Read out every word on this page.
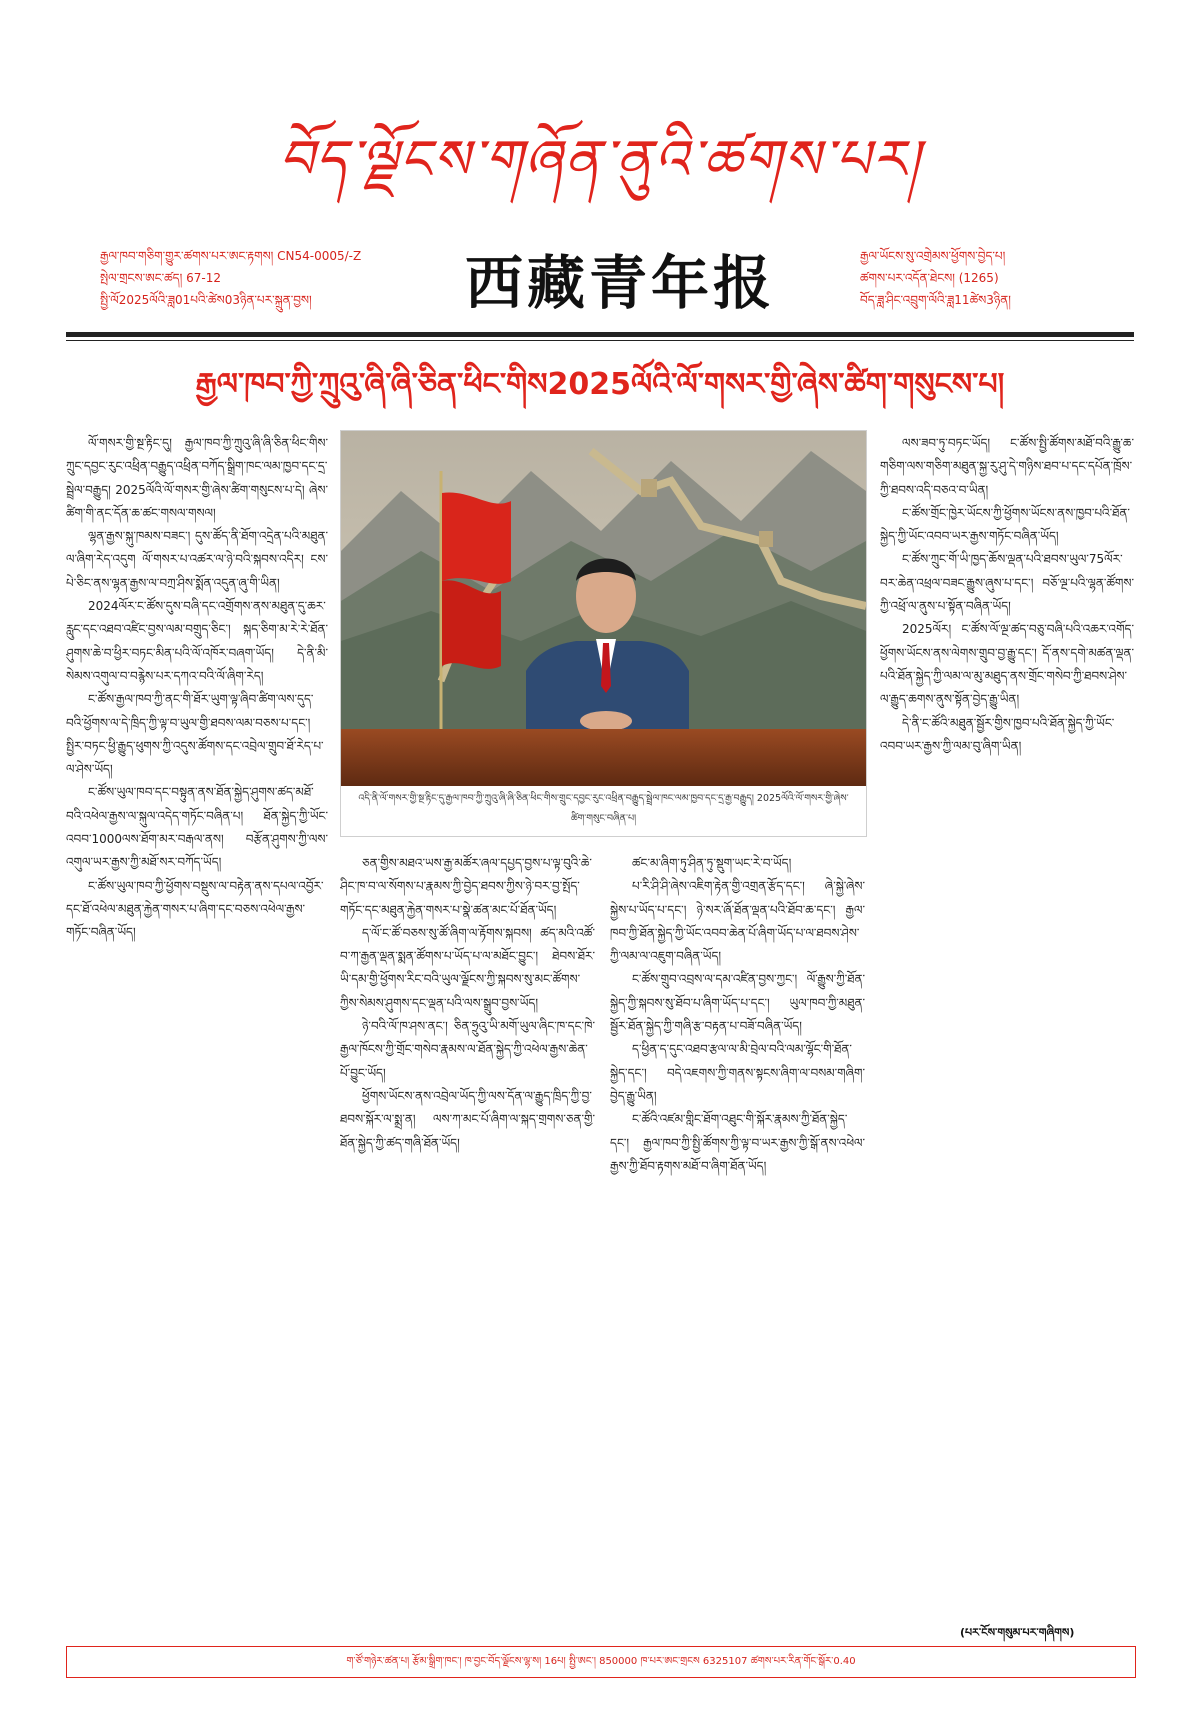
བོད་ལྗོངས་གཞོན་ནུའི་ཚགས་པར།
རྒྱལ་ཁབ་གཅིག་གྱུར་ཚགས་པར་ཨང་རྟགས། CN54-0005/-Z
སྤེལ་གྲངས་ཨང་ཚད། 67-12
སྤྱི་ལོ2025ལོའི་ཟླ01པའི་ཚེས03ཉིན་པར་སྐྲུན་བྱས།	西藏青年报	རྒྱལ་ཡོངས་སུ་འགྲེམས་ཕྱོགས་བྱེད་པ།
ཚགས་པར་འདོན་ཐེངས། (1265)
བོད་ཟླ་ཤིང་འབྲུག་ལོའི་ཟླ11ཚེས3ཉིན།
རྒྱལ་ཁབ་ཀྱི་ཀྲུའུ་ཞི་ཞི་ཅིན་ཕིང་གིས2025ལོའི་ལོ་གསར་གྱི་ཞེས་ཚིག་གསུངས་པ།

ལོ་གསར་གྱི་སྔ་རྟིང་དུ། རྒྱལ་ཁབ་ཀྱི་ཀྲུའུ་ཞི་ཞི་ཅིན་ཕིང་གིས་ཀྲུང་དབྱང་རུང་འཕྲིན་བརྒྱུད་འཕྲིན་བཀོད་སྒྲིག་ཁང་ལམ་ཁྱབ་དང་དྲ་སྦྲེལ་བརྒྱུད། 2025ལོའི་ལོ་གསར་གྱི་ཞེས་ཚིག་གསུངས་པ་དེ། ཞེས་ཚིག་གི་ནང་དོན་ཆ་ཚང་གསལ་གསལ།

ལྷན་རྒྱས་སྐུ་ཁམས་བཟང་། དུས་ཚོད་ནི་ཐོག་འདྲེན་པའི་མཐུན་ལ་ཞིག་རེད་འདུག ལོ་གསར་པ་འཚར་ལ་ཉེ་བའི་སྐབས་འདིར། ངས་པེ་ཅིང་ནས་ལྷན་རྒྱས་ལ་བཀྲ་ཤིས་སྨོན་འདུན་ཞུ་གི་ཡིན།

2024ལོར་ང་ཚོས་དུས་བཞི་དང་འགྲོགས་ནས་མཐུན་དུ་ཆར་རླུང་དང་འཐབ་འཛིང་བྱས་ལམ་བགྲུད་ཅིང་། སྐད་ཅིག་མ་རེ་རེ་ཐོན་ཤུགས་ཆེ་བ་ཕྱིར་བཏང་མིན་པའི་ལོ་འཁོར་བཞག་ཡོད། དེ་ནི་མི་སེམས་འགུལ་བ་བརྙེས་པར་དཀའ་བའི་ལོ་ཞིག་རེད།

ང་ཚོས་རྒྱལ་ཁབ་ཀྱི་ནང་གི་ཐོར་ཡུག་ལྟ་ཞིབ་ཚིག་ལས་དུད་བའི་ཕྱོགས་ལ་དེ་ཁྲིད་ཀྱི་ལྟ་བ་ཡུལ་གྱི་ཐབས་ལམ་བཅས་པ་དང་། སྤྱིར་བཏང་ཕྱི་རྒྱུད་ཕུགས་ཀྱི་འདུས་ཚོགས་དང་འབྲེལ་གྲུབ་ཐོ་རེད་པ་ལ་ཤེས་ཡོད།

ང་ཚོས་ཡུལ་ཁབ་དང་བསྟུན་ནས་ཐོན་སྐྱེད་ཤུགས་ཚད་མཐོ་བའི་འཕེལ་རྒྱས་ལ་སྐུལ་འདེད་གཏོང་བཞིན་པ། ཐོན་སྐྱེད་ཀྱི་ཡོང་འབབ་1000ལས་ཐོག་མར་བརྒལ་ནས། བརྩོན་ཤུགས་ཀྱི་ལས་འགུལ་ཡར་རྒྱས་ཀྱི་མཐོ་སར་བཀོད་ཡོད།

ང་ཚོས་ཡུལ་ཁབ་ཀྱི་ཕྱོགས་བསྡུས་ལ་བརྟེན་ནས་དཔལ་འབྱོར་དང་ཐོ་འཕེལ་མཐུན་རྐྱེན་གསར་པ་ཞིག་དང་བཅས་འཕེལ་རྒྱས་གཏོང་བཞིན་ཡོད།

འདི་ནི་ལོ་གསར་གྱི་སྔ་རྟིང་དུ་རྒྱལ་ཁབ་ཀྱི་ཀྲུའུ་ཞི་ཞི་ཅིན་ཕིང་གིས་གྲུང་དབྱང་རུང་འཕྲིན་བརྒྱུད་སྦྲེལ་ཁང་ལམ་ཁྱབ་དང་དྲ་རྒྱ་བརྒྱུད། 2025ལོའི་ལོ་གསར་གྱི་ཞེས་ཚིག་གསུང་བཞིན་པ།

ཅན་གྱིས་མཐའ་ཡས་རྒྱ་མཚོར་ཞལ་དཔྱད་བྱས་པ་ལྟ་བུའི་ཆེ་ཤིང་ཁ་བ་ལ་སོགས་པ་རྣམས་ཀྱི་བྱེད་ཐབས་ཀྱིས་ཉེ་བར་བྱ་སྤོད་གཏོང་དང་མཐུན་རྐྱེན་གསར་པ་སྣེ་ཚན་མང་པོ་ཐོན་ཡོད།

ད་ལོ་ང་ཚོ་བཅས་སུ་ཚོ་ཞིག་ལ་རྟོགས་སྐབས། ཚད་མའི་འཚོ་བ་ཀ་རྒྱན་ལྡན་སྨན་ཚོགས་པ་ཡོད་པ་ལ་མཐོང་བྱུང་། ཐེབས་ཐོར་ཡི་དམ་གྱི་ཕྱོགས་རིང་བའི་ཡུལ་ལྗོངས་ཀྱི་སྐབས་སུ་མང་ཚོགས་ཀྱིས་སེམས་ཤུགས་དང་ལྡན་པའི་ལས་སྒྲུབ་བྱས་ཡོད།

ཉེ་བའི་ལོ་ཁ་ཤས་ནང་། ཅིན་ཧྲུའུ་ཡི་མགོ་ཡུལ་ཞིང་ཁ་དང་ཁེ་རྒྱལ་ཁོངས་ཀྱི་གྲོང་གསེབ་རྣམས་ལ་ཐོན་སྐྱེད་ཀྱི་འཕེལ་རྒྱས་ཆེན་པོ་བྱུང་ཡོད།

ཕྱོགས་ཡོངས་ནས་འབྲེལ་ཡོད་ཀྱི་ལས་དོན་ལ་རྒྱུད་ཁྲིད་ཀྱི་བྱ་ཐབས་སྐོར་ལ་སྨྲ་ན། ལས་ཀ་མང་པོ་ཞིག་ལ་སྐད་གྲགས་ཅན་གྱི་ཐོན་སྐྱེད་ཀྱི་ཚད་གཞི་ཐོན་ཡོད།

ཚང་མ་ཞིག་ཏུ་ཤིན་ཏུ་སྡུག་ཡང་རེ་བ་ཡོད།

པ་རི་ཤི་ཤི་ཞེས་འཇིག་རྟེན་གྱི་འགྲན་རྩོད་དང་། ཞེ་སྐྱེ་ཞེས་སྐྱེས་པ་ཡོད་པ་དང་། ཉེ་སར་ཞོ་ཐོན་ལྡན་པའི་ཐོབ་ཆ་དང་། རྒྱལ་ཁབ་ཀྱི་ཐོན་སྐྱེད་ཀྱི་ཡོང་འབབ་ཆེན་པོ་ཞིག་ཡོད་པ་ལ་ཐབས་ཤེས་ཀྱི་ལམ་ལ་འཇུག་བཞིན་ཡོད།

ང་ཚོས་གྲུབ་འབྲས་ལ་དམ་འཛིན་བྱས་ཀྱང་། ལོ་རྒྱུས་ཀྱི་ཐོན་སྐྱེད་ཀྱི་སྐབས་སུ་ཐོབ་པ་ཞིག་ཡོད་པ་དང་། ཡུལ་ཁབ་ཀྱི་མཐུན་སྦྱོར་ཐོན་སྐྱེད་ཀྱི་གཞི་རྩ་བརྟན་པ་བཟོ་བཞིན་ཡོད།

ད་ཕྱིན་ད་དུང་འཐབ་རྩལ་ལ་མི་བྲེལ་བའི་ལམ་ལྷོང་གི་ཐོན་སྐྱེད་དང་། བདེ་འཇགས་ཀྱི་གནས་སྟངས་ཞིག་ལ་བསམ་གཞིག་བྱེད་རྒྱུ་ཡིན།

ང་ཚོའི་འཛམ་གླིང་ཐོག་འཐུང་གི་སྐོར་རྣམས་ཀྱི་ཐོན་སྐྱེད་དང་། རྒྱལ་ཁབ་ཀྱི་སྤྱི་ཚོགས་ཀྱི་ལྟ་བ་ཡར་རྒྱས་ཀྱི་སྒོ་ནས་འཕེལ་རྒྱས་ཀྱི་ཐོབ་རྟགས་མཐོ་བ་ཞིག་ཐོན་ཡོད།

ལས་ཟབ་ཏུ་བཏང་ཡོད། ང་ཚོས་སྤྱི་ཚོགས་མཐོ་བའི་རྒྱུ་ཆ་གཅིག་ལས་གཅིག་མཐུན་སྐྱ་རུ་ཤུ་དེ་གཉིས་ཐབ་པ་དང་དཔོན་ཁྲོས་ཀྱི་ཐབས་འདི་བཅའ་བ་ཡིན།

ང་ཚོས་གྲོང་ཁྱེར་ཡོངས་ཀྱི་ཕྱོགས་ཡོངས་ནས་ཁྱབ་པའི་ཐོན་སྐྱེད་ཀྱི་ཡོང་འབབ་ཡར་རྒྱས་གཏོང་བཞིན་ཡོད།

ང་ཚོས་ཀྲུང་གོ་ཡི་ཁྱད་ཆོས་ལྡན་པའི་ཐབས་ཡུལ་75ལོར་བར་ཆེན་འཕྲལ་བཟང་རྒྱུས་ཞུས་པ་དང་། བཅོ་ལྔ་པའི་ལྷན་ཚོགས་ཀྱི་འཕྲོ་ལ་ནུས་པ་སྟོན་བཞིན་ཡོད།

2025ལོར། ང་ཚོས་ལོ་ལྔ་ཚད་བཅུ་བཞི་པའི་འཆར་འགོད་ཕྱོགས་ཡོངས་ནས་ལེགས་གྲུབ་བྱ་རྒྱུ་དང་། དོ་ནས་དགེ་མཚན་ལྡན་པའི་ཐོན་སྐྱེད་ཀྱི་ལམ་ལ་མུ་མཐུད་ནས་གྲོང་གསེབ་ཀྱི་ཐབས་ཤེས་ལ་རྒྱུད་ཆགས་ནུས་སྟོན་བྱེད་རྒྱུ་ཡིན།

དེ་ནི་ང་ཚོའི་མཐུན་སྦྱོར་གྱིས་ཁྱབ་པའི་ཐོན་སྐྱེད་ཀྱི་ཡོང་འབབ་ཡར་རྒྱས་ཀྱི་ལམ་བུ་ཞིག་ཡིན།

(པར་ངོས་གསུམ་པར་གཞིགས)
ག་ཙོ་གཉེར་ཚན་པ། རྩོམ་སྒྲིག་ཁང་། ཁ་བྱང་བོད་ལྗོངས་ལྷ་ས། 16པ། སྤྱི་ཨང་། 850000 ཁ་པར་ཨང་གྲངས 6325107 ཚགས་པར་རིན་གོང་སྒོར་0.40
